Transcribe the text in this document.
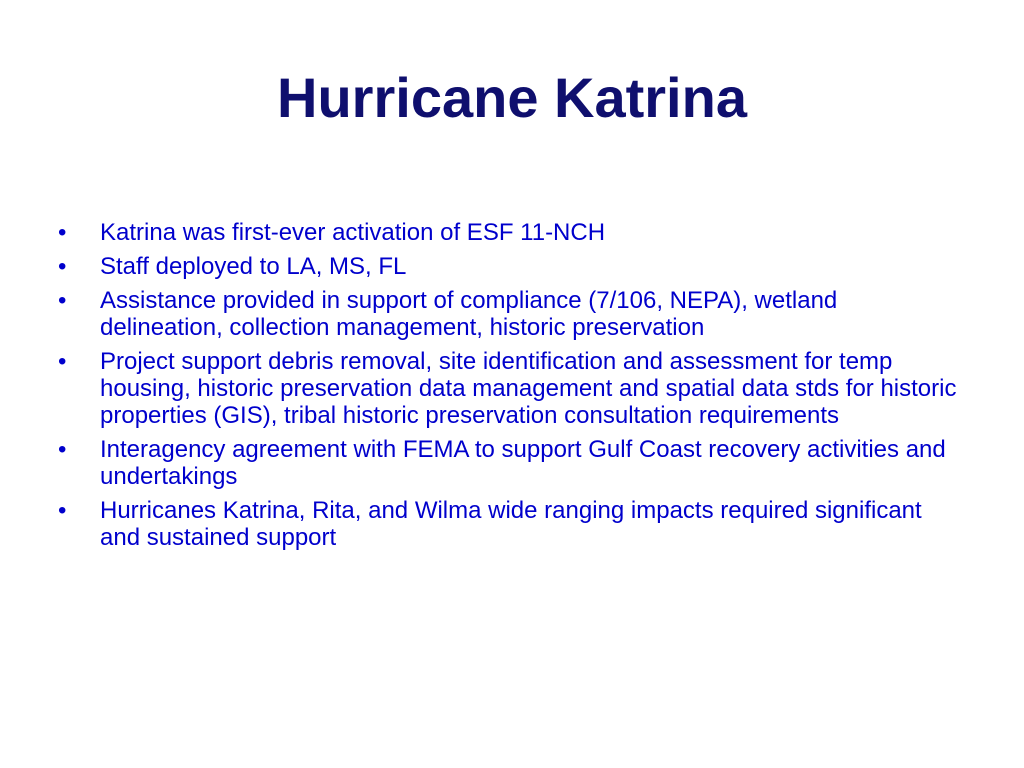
Hurricane Katrina
•	Katrina was first-ever activation of ESF 11-NCH
•	Staff deployed to LA, MS, FL
•	Assistance provided in support of compliance (7/106, NEPA), wetland delineation, collection management, historic preservation
•	Project support debris removal, site identification and assessment for temp housing, historic preservation data management and spatial data stds for historic properties (GIS), tribal historic preservation consultation requirements
•	Interagency agreement with FEMA to support Gulf Coast recovery activities and undertakings
•	Hurricanes Katrina, Rita, and Wilma wide ranging impacts required significant and sustained support
